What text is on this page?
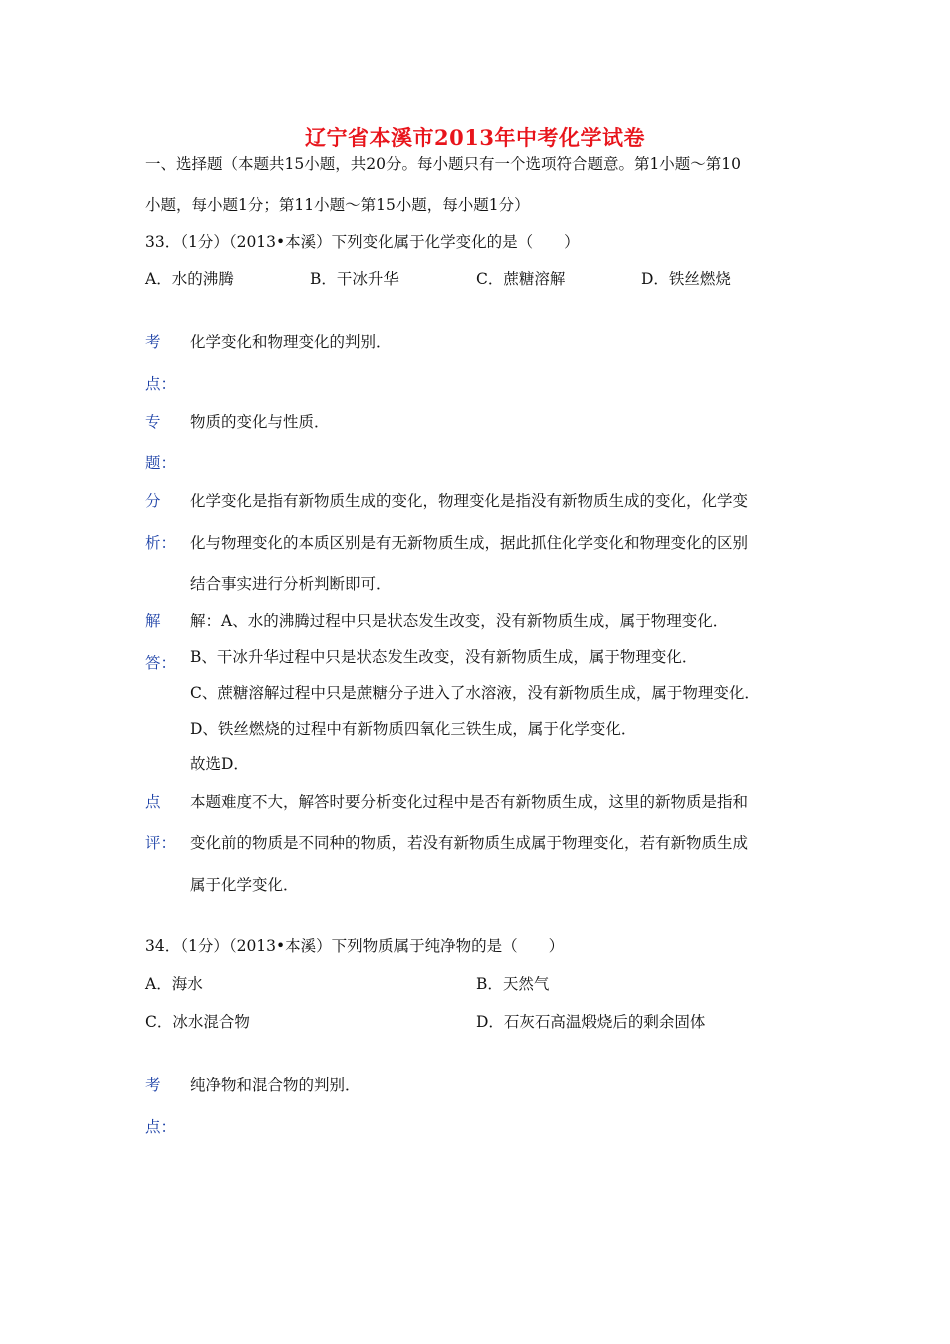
辽宁省本溪市2013年中考化学试卷
一、选择题（本题共15小题，共20分。每小题只有一个选项符合题意。第1小题～第10
小题，每小题1分；第11小题～第15小题，每小题1分）
33．（1分）（2013•本溪）下列变化属于化学变化的是（　　）
A．水的沸腾	B．干冰升华	C．蔗糖溶解	D．铁丝燃烧
考
点：
化学变化和物理变化的判别．
专
题：
物质的变化与性质．
分
析：
化学变化是指有新物质生成的变化，物理变化是指没有新物质生成的变化，化学变
化与物理变化的本质区别是有无新物质生成，据此抓住化学变化和物理变化的区别
结合事实进行分析判断即可．
解
答：
解：A、水的沸腾过程中只是状态发生改变，没有新物质生成，属于物理变化．
B、干冰升华过程中只是状态发生改变，没有新物质生成，属于物理变化．
C、蔗糖溶解过程中只是蔗糖分子进入了水溶液，没有新物质生成，属于物理变化．
D、铁丝燃烧的过程中有新物质四氧化三铁生成，属于化学变化．
故选D．
点
评：
本题难度不大，解答时要分析变化过程中是否有新物质生成，这里的新物质是指和
变化前的物质是不同种的物质，若没有新物质生成属于物理变化，若有新物质生成
属于化学变化．
34．（1分）（2013•本溪）下列物质属于纯净物的是（　　）
A．海水	B．天然气
C．冰水混合物	D．石灰石高温煅烧后的剩余固体
考
点：
纯净物和混合物的判别．
